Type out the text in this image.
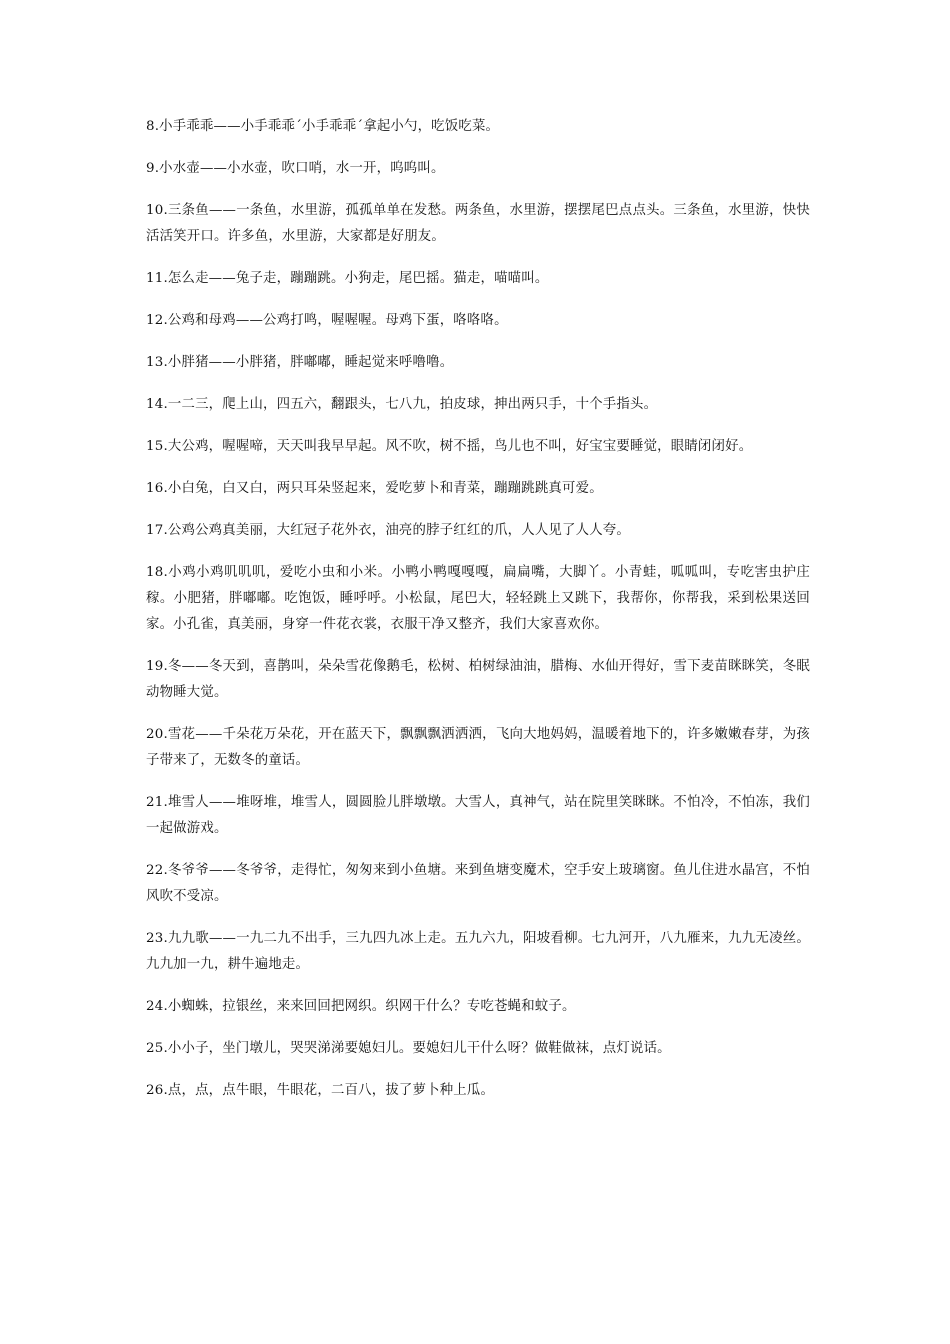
8.小手乖乖——小手乖乖´小手乖乖´拿起小勺，吃饭吃菜。

9.小水壶——小水壶，吹口哨，水一开，呜呜叫。

10.三条鱼——一条鱼，水里游，孤孤单单在发愁。两条鱼，水里游，摆摆尾巴点点头。三条鱼，水里游，快快活活笑开口。许多鱼，水里游，大家都是好朋友。

11.怎么走——兔子走，蹦蹦跳。小狗走，尾巴摇。猫走，喵喵叫。

12.公鸡和母鸡——公鸡打鸣，喔喔喔。母鸡下蛋，咯咯咯。

13.小胖猪——小胖猪，胖嘟嘟，睡起觉来呼噜噜。

14.一二三，爬上山，四五六，翻跟头，七八九，拍皮球，抻出两只手，十个手指头。

15.大公鸡，喔喔啼，天天叫我早早起。风不吹，树不摇，鸟儿也不叫，好宝宝要睡觉，眼睛闭闭好。

16.小白兔，白又白，两只耳朵竖起来，爱吃萝卜和青菜，蹦蹦跳跳真可爱。

17.公鸡公鸡真美丽，大红冠子花外衣，油亮的脖子红红的爪，人人见了人人夸。

18.小鸡小鸡叽叽叽，爱吃小虫和小米。小鸭小鸭嘎嘎嘎，扁扁嘴，大脚丫。小青蛙，呱呱叫，专吃害虫护庄稼。小肥猪，胖嘟嘟。吃饱饭，睡呼呼。小松鼠，尾巴大，轻轻跳上又跳下，我帮你，你帮我，采到松果送回家。小孔雀，真美丽，身穿一件花衣裳，衣服干净又整齐，我们大家喜欢你。

19.冬——冬天到，喜鹊叫，朵朵雪花像鹅毛，松树、柏树绿油油，腊梅、水仙开得好，雪下麦苗眯眯笑，冬眠动物睡大觉。

20.雪花——千朵花万朵花，开在蓝天下，飘飘飘洒洒洒，飞向大地妈妈，温暖着地下的，许多嫩嫩春芽，为孩子带来了，无数冬的童话。

21.堆雪人——堆呀堆，堆雪人，圆圆脸儿胖墩墩。大雪人，真神气，站在院里笑眯眯。不怕冷，不怕冻，我们一起做游戏。

22.冬爷爷——冬爷爷，走得忙，匆匆来到小鱼塘。来到鱼塘变魔术，空手安上玻璃窗。鱼儿住进水晶宫，不怕风吹不受凉。

23.九九歌——一九二九不出手，三九四九冰上走。五九六九，阳坡看柳。七九河开，八九雁来，九九无凌丝。九九加一九，耕牛遍地走。

24.小蜘蛛，拉银丝，来来回回把网织。织网干什么？专吃苍蝇和蚊子。

25.小小子，坐门墩儿，哭哭涕涕要媳妇儿。要媳妇儿干什么呀？做鞋做袜，点灯说话。

26.点，点，点牛眼，牛眼花，二百八，拔了萝卜种上瓜。
